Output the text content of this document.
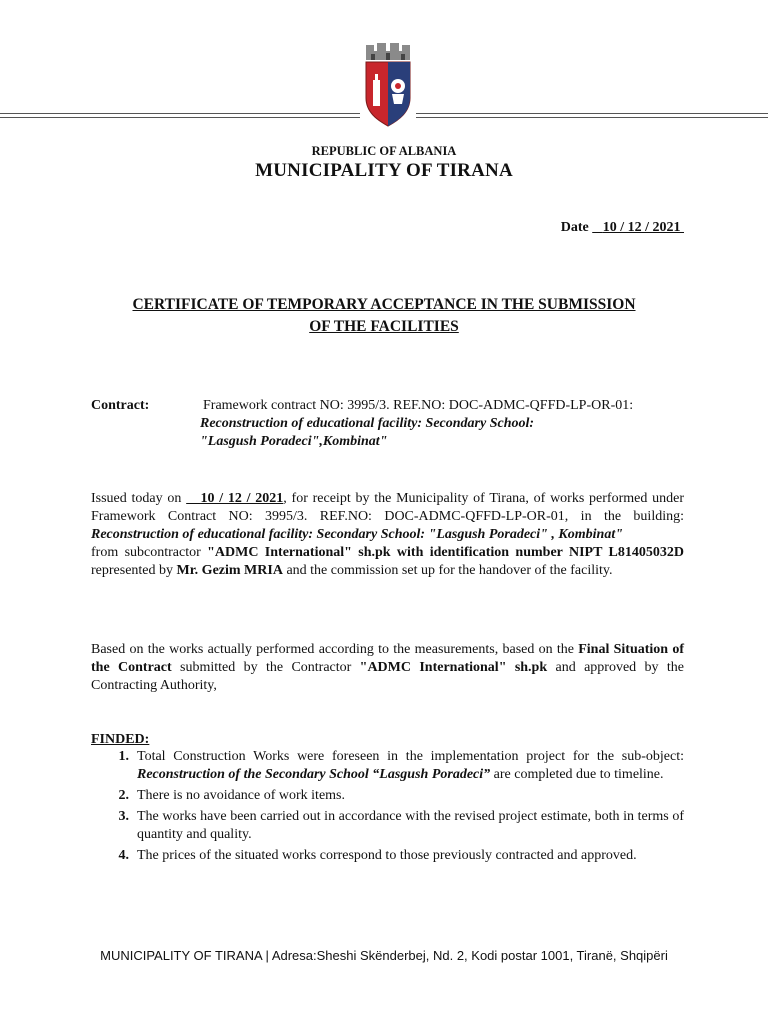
REPUBLIC OF ALBANIA
MUNICIPALITY OF TIRANA
Date 10 / 12 / 2021
CERTIFICATE OF TEMPORARY ACCEPTANCE IN THE SUBMISSION
OF THE FACILITIES
Contract:	Framework contract NO: 3995/3. REF.NO: DOC-ADMC-QFFD-LP-OR-01:
Reconstruction of educational facility: Secondary School:
"Lasgush Poradeci",Kombinat"
Issued today on 10 / 12 / 2021, for receipt by the Municipality of Tirana, of works performed under Framework Contract NO: 3995/3. REF.NO: DOC-ADMC-QFFD-LP-OR-01, in the building: Reconstruction of educational facility: Secondary School: "Lasgush Poradeci" , Kombinat"
from subcontractor "ADMC International" sh.pk with identification number NIPT L81405032D represented by Mr. Gezim MRIA and the commission set up for the handover of the facility.
Based on the works actually performed according to the measurements, based on the Final Situation of the Contract submitted by the Contractor "ADMC International" sh.pk and approved by the Contracting Authority,
FINDED:
1. Total Construction Works were foreseen in the implementation project for the sub-object: Reconstruction of the Secondary School “Lasgush Poradeci” are completed due to timeline.
2. There is no avoidance of work items.
3. The works have been carried out in accordance with the revised project estimate, both in terms of quantity and quality.
4. The prices of the situated works correspond to those previously contracted and approved.
MUNICIPALITY OF TIRANA | Adresa:Sheshi Skënderbej, Nd. 2, Kodi postar 1001, Tiranë, Shqipëri
